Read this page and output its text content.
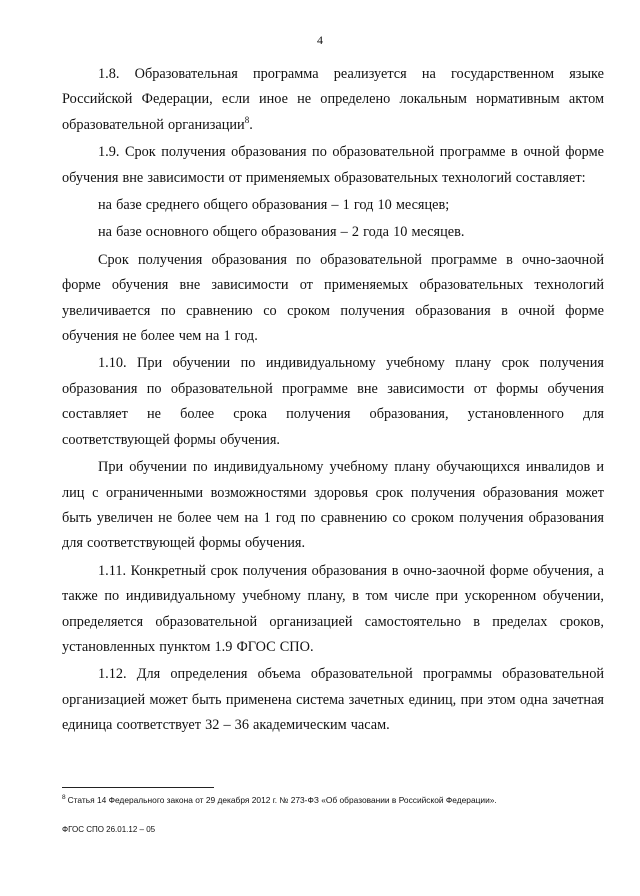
4

1.8. Образовательная программа реализуется на государственном языке Российской Федерации, если иное не определено локальным нормативным актом образовательной организации$^8$.

1.9. Срок получения образования по образовательной программе в очной форме обучения вне зависимости от применяемых образовательных технологий составляет:

на базе среднего общего образования – 1 год 10 месяцев;

на базе основного общего образования – 2 года 10 месяцев.

Срок получения образования по образовательной программе в очно-заочной форме обучения вне зависимости от применяемых образовательных технологий увеличивается по сравнению со сроком получения образования в очной форме обучения не более чем на 1 год.

1.10. При обучении по индивидуальному учебному плану срок получения образования по образовательной программе вне зависимости от формы обучения составляет не более срока получения образования, установленного для соответствующей формы обучения.

При обучении по индивидуальному учебному плану обучающихся инвалидов и лиц с ограниченными возможностями здоровья срок получения образования может быть увеличен не более чем на 1 год по сравнению со сроком получения образования для соответствующей формы обучения.

1.11. Конкретный срок получения образования в очно-заочной форме обучения, а также по индивидуальному учебному плану, в том числе при ускоренном обучении, определяется образовательной организацией самостоятельно в пределах сроков, установленных пунктом 1.9 ФГОС СПО.

1.12. Для определения объема образовательной программы образовательной организацией может быть применена система зачетных единиц, при этом одна зачетная единица соответствует 32 – 36 академическим часам.

$^8$ Статья 14 Федерального закона от 29 декабря 2012 г. № 273-ФЗ «Об образовании в Российской Федерации».
ФГОС СПО 26.01.12 – 05
